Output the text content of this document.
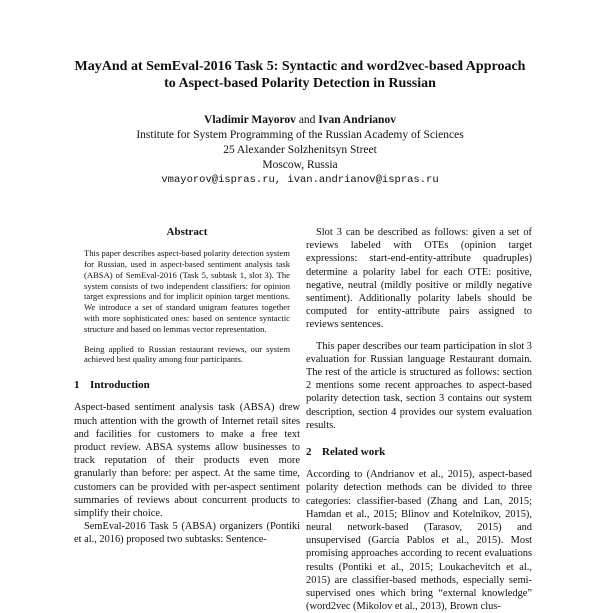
MayAnd at SemEval-2016 Task 5: Syntactic and word2vec-based Approach
to Aspect-based Polarity Detection in Russian
Vladimir Mayorov and Ivan Andrianov
Institute for System Programming of the Russian Academy of Sciences
25 Alexander Solzhenitsyn Street
Moscow, Russia
vmayorov@ispras.ru, ivan.andrianov@ispras.ru
Abstract

This paper describes aspect-based polarity detection system for Russian, used in aspect-based sentiment analysis task (ABSA) of SemEval-2016 (Task 5, subtask 1, slot 3). The system consists of two independent classifiers: for opinion target expressions and for implicit opinion target mentions. We introduce a set of standard unigram features together with more sophisticated ones: based on sentence syntactic structure and based on lemmas vector representation.

Being applied to Russian restaurant reviews, our system achieved best quality among four participants.

1 Introduction

Aspect-based sentiment analysis task (ABSA) drew much attention with the growth of Internet retail sites and facilities for customers to make a free text product review. ABSA systems allow businesses to track reputation of their products even more granularly than before: per aspect. At the same time, customers can be provided with per-aspect sentiment summaries of reviews about concurrent products to simplify their choice.

SemEval-2016 Task 5 (ABSA) organizers (Pontiki et al., 2016) proposed two subtasks: Sentence-

Slot 3 can be described as follows: given a set of reviews labeled with OTEs (opinion target expressions: start-end-entity-attribute quadruples) determine a polarity label for each OTE: positive, negative, neutral (mildly positive or mildly negative sentiment). Additionally polarity labels should be computed for entity-attribute pairs assigned to reviews sentences.

This paper describes our team participation in slot 3 evaluation for Russian language Restaurant domain. The rest of the article is structured as follows: section 2 mentions some recent approaches to aspect-based polarity detection task, section 3 contains our system description, section 4 provides our system evaluation results.

2 Related work

According to (Andrianov et al., 2015), aspect-based polarity detection methods can be divided to three categories: classifier-based (Zhang and Lan, 2015; Hamdan et al., 2015; Blinov and Kotelnikov, 2015), neural network-based (Tarasov, 2015) and unsupervised (García Pablos et al., 2015). Most promising approaches according to recent evaluations results (Pontiki et al., 2015; Loukachevitch et al., 2015) are classifier-based methods, especially semi-supervised ones which bring “external knowledge” (word2vec (Mikolov et al., 2013), Brown clus-
